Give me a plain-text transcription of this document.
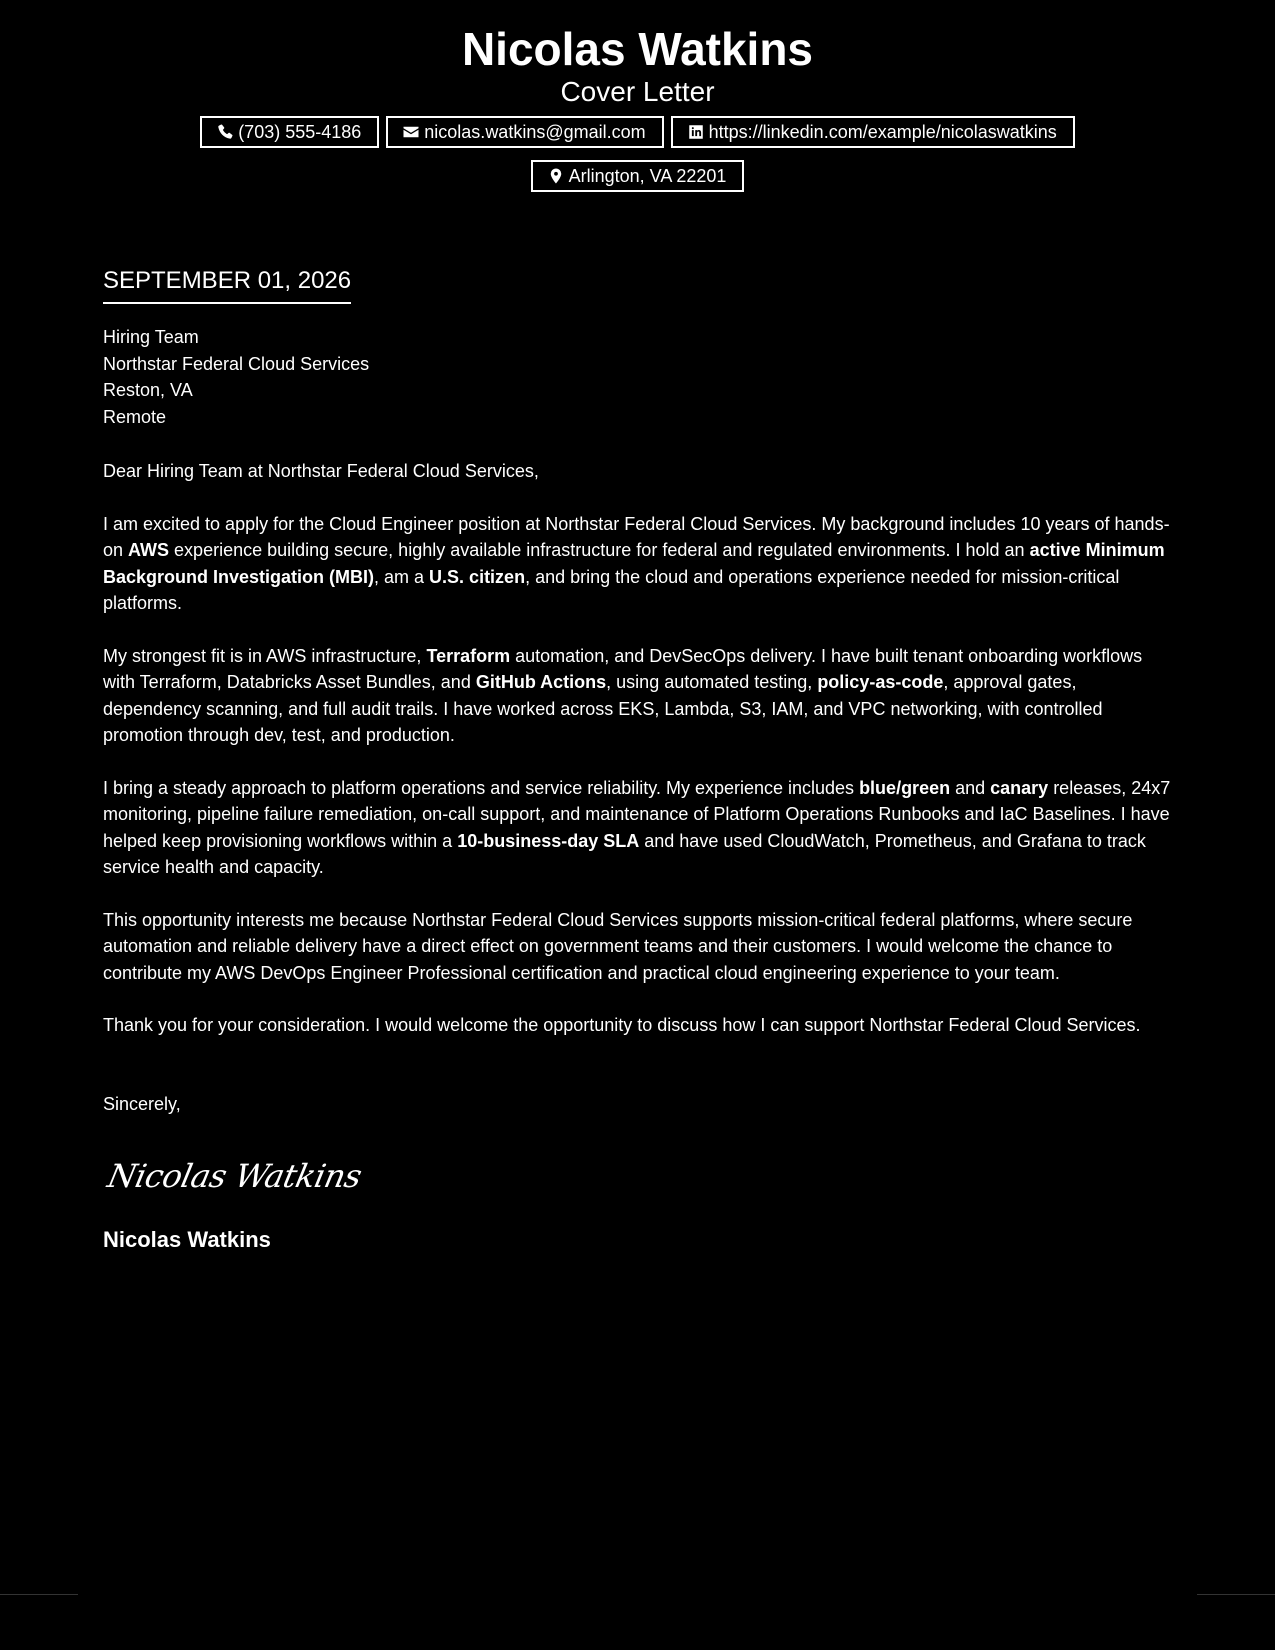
Nicolas Watkins
Cover Letter
(703) 555-4186	nicolas.watkins@gmail.com	https://linkedin.com/example/nicolaswatkins
Arlington, VA 22201
SEPTEMBER 01, 2026

Hiring Team

Northstar Federal Cloud Services

Reston, VA

Remote

Dear Hiring Team at Northstar Federal Cloud Services,

I am excited to apply for the Cloud Engineer position at Northstar Federal Cloud Services. My background includes 10 years of hands-on AWS experience building secure, highly available infrastructure for federal and regulated environments. I hold an active Minimum Background Investigation (MBI), am a U.S. citizen, and bring the cloud and operations experience needed for mission-critical platforms.

My strongest fit is in AWS infrastructure, Terraform automation, and DevSecOps delivery. I have built tenant onboarding workflows with Terraform, Databricks Asset Bundles, and GitHub Actions, using automated testing, policy-as-code, approval gates, dependency scanning, and full audit trails. I have worked across EKS, Lambda, S3, IAM, and VPC networking, with controlled promotion through dev, test, and production.

I bring a steady approach to platform operations and service reliability. My experience includes blue/green and canary releases, 24x7 monitoring, pipeline failure remediation, on-call support, and maintenance of Platform Operations Runbooks and IaC Baselines. I have helped keep provisioning workflows within a 10-business-day SLA and have used CloudWatch, Prometheus, and Grafana to track service health and capacity.

This opportunity interests me because Northstar Federal Cloud Services supports mission-critical federal platforms, where secure automation and reliable delivery have a direct effect on government teams and their customers. I would welcome the chance to contribute my AWS DevOps Engineer Professional certification and practical cloud engineering experience to your team.

Thank you for your consideration. I would welcome the opportunity to discuss how I can support Northstar Federal Cloud Services.

Sincerely,
Nicolas Watkins
Nicolas Watkins
